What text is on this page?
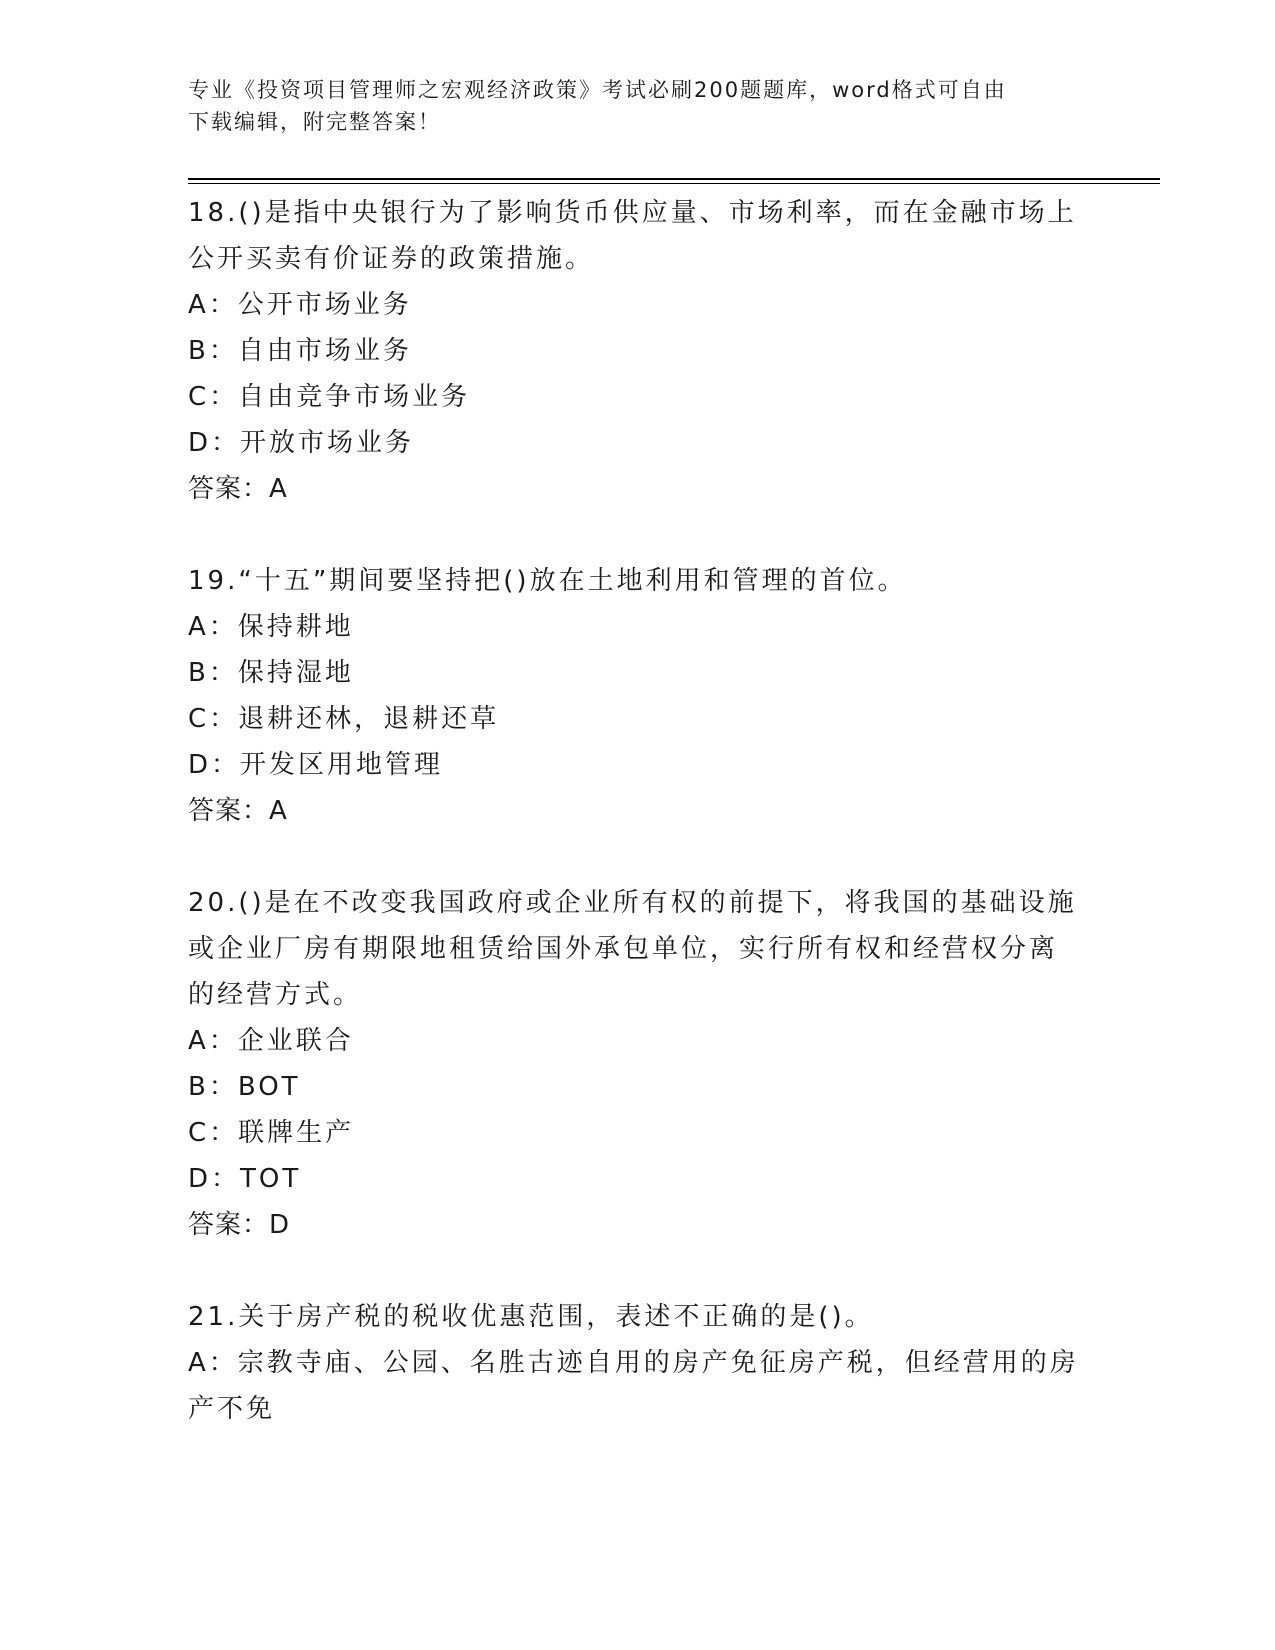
专业《投资项目管理师之宏观经济政策》考试必刷200题题库，word格式可自由
下载编辑，附完整答案！
18.()是指中央银行为了影响货币供应量、市场利率，而在金融市场上
公开买卖有价证券的政策措施。
A：公开市场业务
B：自由市场业务
C：自由竞争市场业务
D：开放市场业务
答案：A
19.“十五”期间要坚持把()放在土地利用和管理的首位。
A：保持耕地
B：保持湿地
C：退耕还林，退耕还草
D：开发区用地管理
答案：A
20.()是在不改变我国政府或企业所有权的前提下，将我国的基础设施
或企业厂房有期限地租赁给国外承包单位，实行所有权和经营权分离
的经营方式。
A：企业联合
B：BOT
C：联牌生产
D：TOT
答案：D
21.关于房产税的税收优惠范围，表述不正确的是()。
A：宗教寺庙、公园、名胜古迹自用的房产免征房产税，但经营用的房
产不免
